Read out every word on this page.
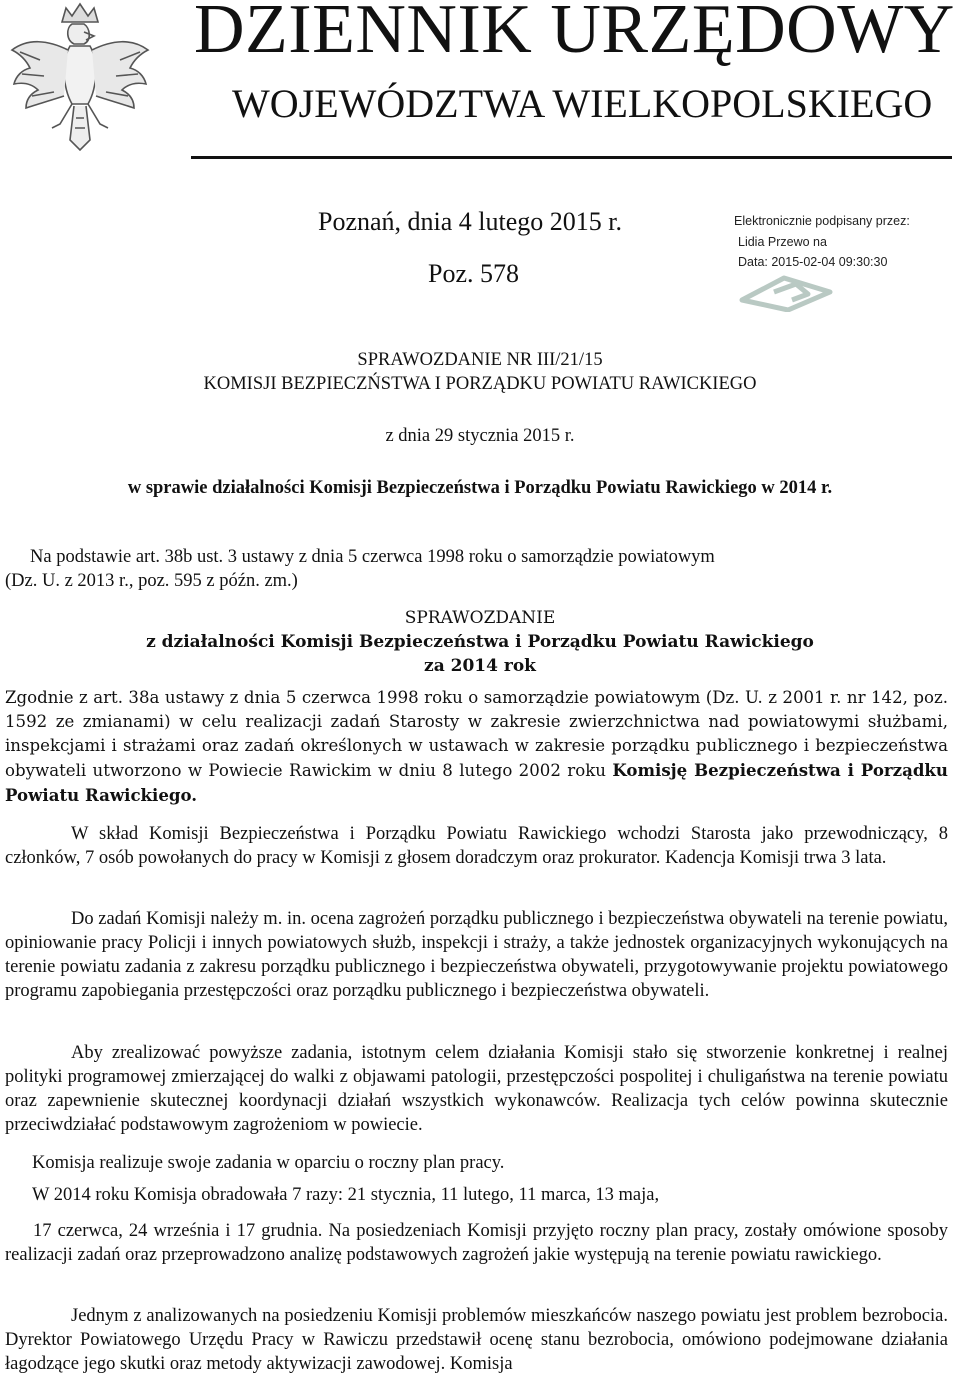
DZIENNIK URZĘDOWY
WOJEWÓDZTWA WIELKOPOLSKIEGO
Poznań, dnia 4 lutego 2015 r.
Poz. 578
Elektronicznie podpisany przez:
Lidia Przewo na
Data: 2015-02-04 09:30:30
SPRAWOZDANIE NR III/21/15
KOMISJI BEZPIECZŃSTWA I PORZĄDKU POWIATU RAWICKIEGO
z dnia 29 stycznia 2015 r.
w sprawie działalności Komisji Bezpieczeństwa i Porządku Powiatu Rawickiego w 2014 r.
Na podstawie art. 38b ust. 3 ustawy z dnia 5 czerwca 1998 roku o samorządzie powiatowym
(Dz. U. z 2013 r., poz. 595 z późn. zm.)
SPRAWOZDANIE
z działalności Komisji Bezpieczeństwa i Porządku Powiatu Rawickiego
za 2014 rok

Zgodnie z art. 38a ustawy z dnia 5 czerwca 1998 roku o samorządzie powiatowym (Dz. U. z 2001 r. nr 142, poz. 1592 ze zmianami) w celu realizacji zadań Starosty w zakresie zwierzchnictwa nad powiatowymi służbami, inspekcjami i strażami oraz zadań określonych w ustawach w zakresie porządku publicznego i bezpieczeństwa obywateli utworzono w Powiecie Rawickim w dniu 8 lutego 2002 roku Komisję Bezpieczeństwa i Porządku Powiatu Rawickiego.

W skład Komisji Bezpieczeństwa i Porządku Powiatu Rawickiego wchodzi Starosta jako przewodniczący, 8 członków, 7 osób powołanych do pracy w Komisji z głosem doradczym oraz prokurator. Kadencja Komisji trwa 3 lata.

Do zadań Komisji należy m. in. ocena zagrożeń porządku publicznego i bezpieczeństwa obywateli na terenie powiatu, opiniowanie pracy Policji i innych powiatowych służb, inspekcji i straży, a także jednostek organizacyjnych wykonujących na terenie powiatu zadania z zakresu porządku publicznego i bezpieczeństwa obywateli, przygotowywanie projektu powiatowego programu zapobiegania przestępczości oraz porządku publicznego i bezpieczeństwa obywateli.

Aby zrealizować powyższe zadania, istotnym celem działania Komisji stało się stworzenie konkretnej i realnej polityki programowej zmierzającej do walki z objawami patologii, przestępczości pospolitej i chuligaństwa na terenie powiatu oraz zapewnienie skutecznej koordynacji działań wszystkich wykonawców. Realizacja tych celów powinna skutecznie przeciwdziałać podstawowym zagrożeniom w powiecie.

Komisja realizuje swoje zadania w oparciu o roczny plan pracy.
W 2014 roku Komisja obradowała 7 razy: 21 stycznia, 11 lutego, 11 marca, 13 maja,

17 czerwca, 24 września i 17 grudnia. Na posiedzeniach Komisji przyjęto roczny plan pracy, zostały omówione sposoby realizacji zadań oraz przeprowadzono analizę podstawowych zagrożeń jakie występują na terenie powiatu rawickiego.

Jednym z analizowanych na posiedzeniu Komisji problemów mieszkańców naszego powiatu jest problem bezrobocia. Dyrektor Powiatowego Urzędu Pracy w Rawiczu przedstawił ocenę stanu bezrobocia, omówiono podejmowane działania łagodzące jego skutki oraz metody aktywizacji zawodowej. Komisja
